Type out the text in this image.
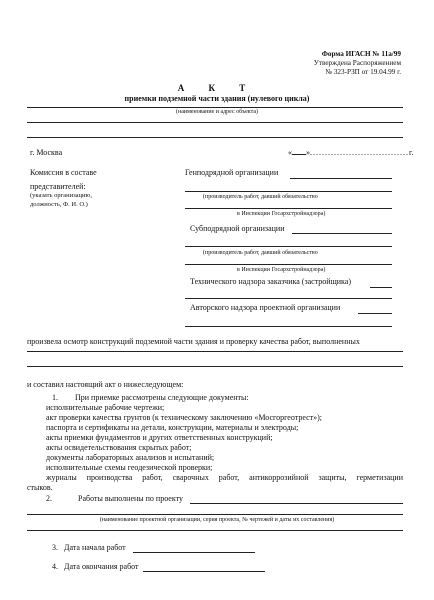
Форма ИГАСН № 11а/99
Утверждена Распоряжением
№ 323-РЗП от 19.04.99 г.
А К Т
приемки подземной части здания (нулевого цикла)
(наименование и адрес объекта)
г. Москва	« ».................................г.
Комиссия в составе
представителей:
(указать организацию,
должность, Ф. И. О.)
Генподрядной организации
(производитель работ, давший обязательство
в Инспекции Госархстройнадзора)
Субподрядной организации
(производитель работ, давший обязательство
в Инспекции Госархстройнадзора)
Технического надзора заказчика (застройщика)
Авторского надзора проектной организации
произвела осмотр конструкций подземной части здания и проверку качества работ, выполненных
и составил настоящий акт о нижеследующем:
1. При приемке рассмотрены следующие документы:
исполнительные рабочие чертежи;
акт проверки качества грунтов (к техническому заключению «Мосгоргеотрест»);
паспорта и сертификаты на детали, конструкции, материалы и электроды;
акты приемки фундаментов и других ответственных конструкций;
акты освидетельствования скрытых работ;
документы лабораторных анализов и испытаний;
исполнительные схемы геодезической проверки;
журналы производства работ, сварочных работ, антикоррозийной защиты, герметизации
стыков.
2.	Работы выполнены по проекту
(наименование проектной организации, серия проекта, № чертежей и даты их составления)
3. Дата начала работ
4. Дата окончания работ
